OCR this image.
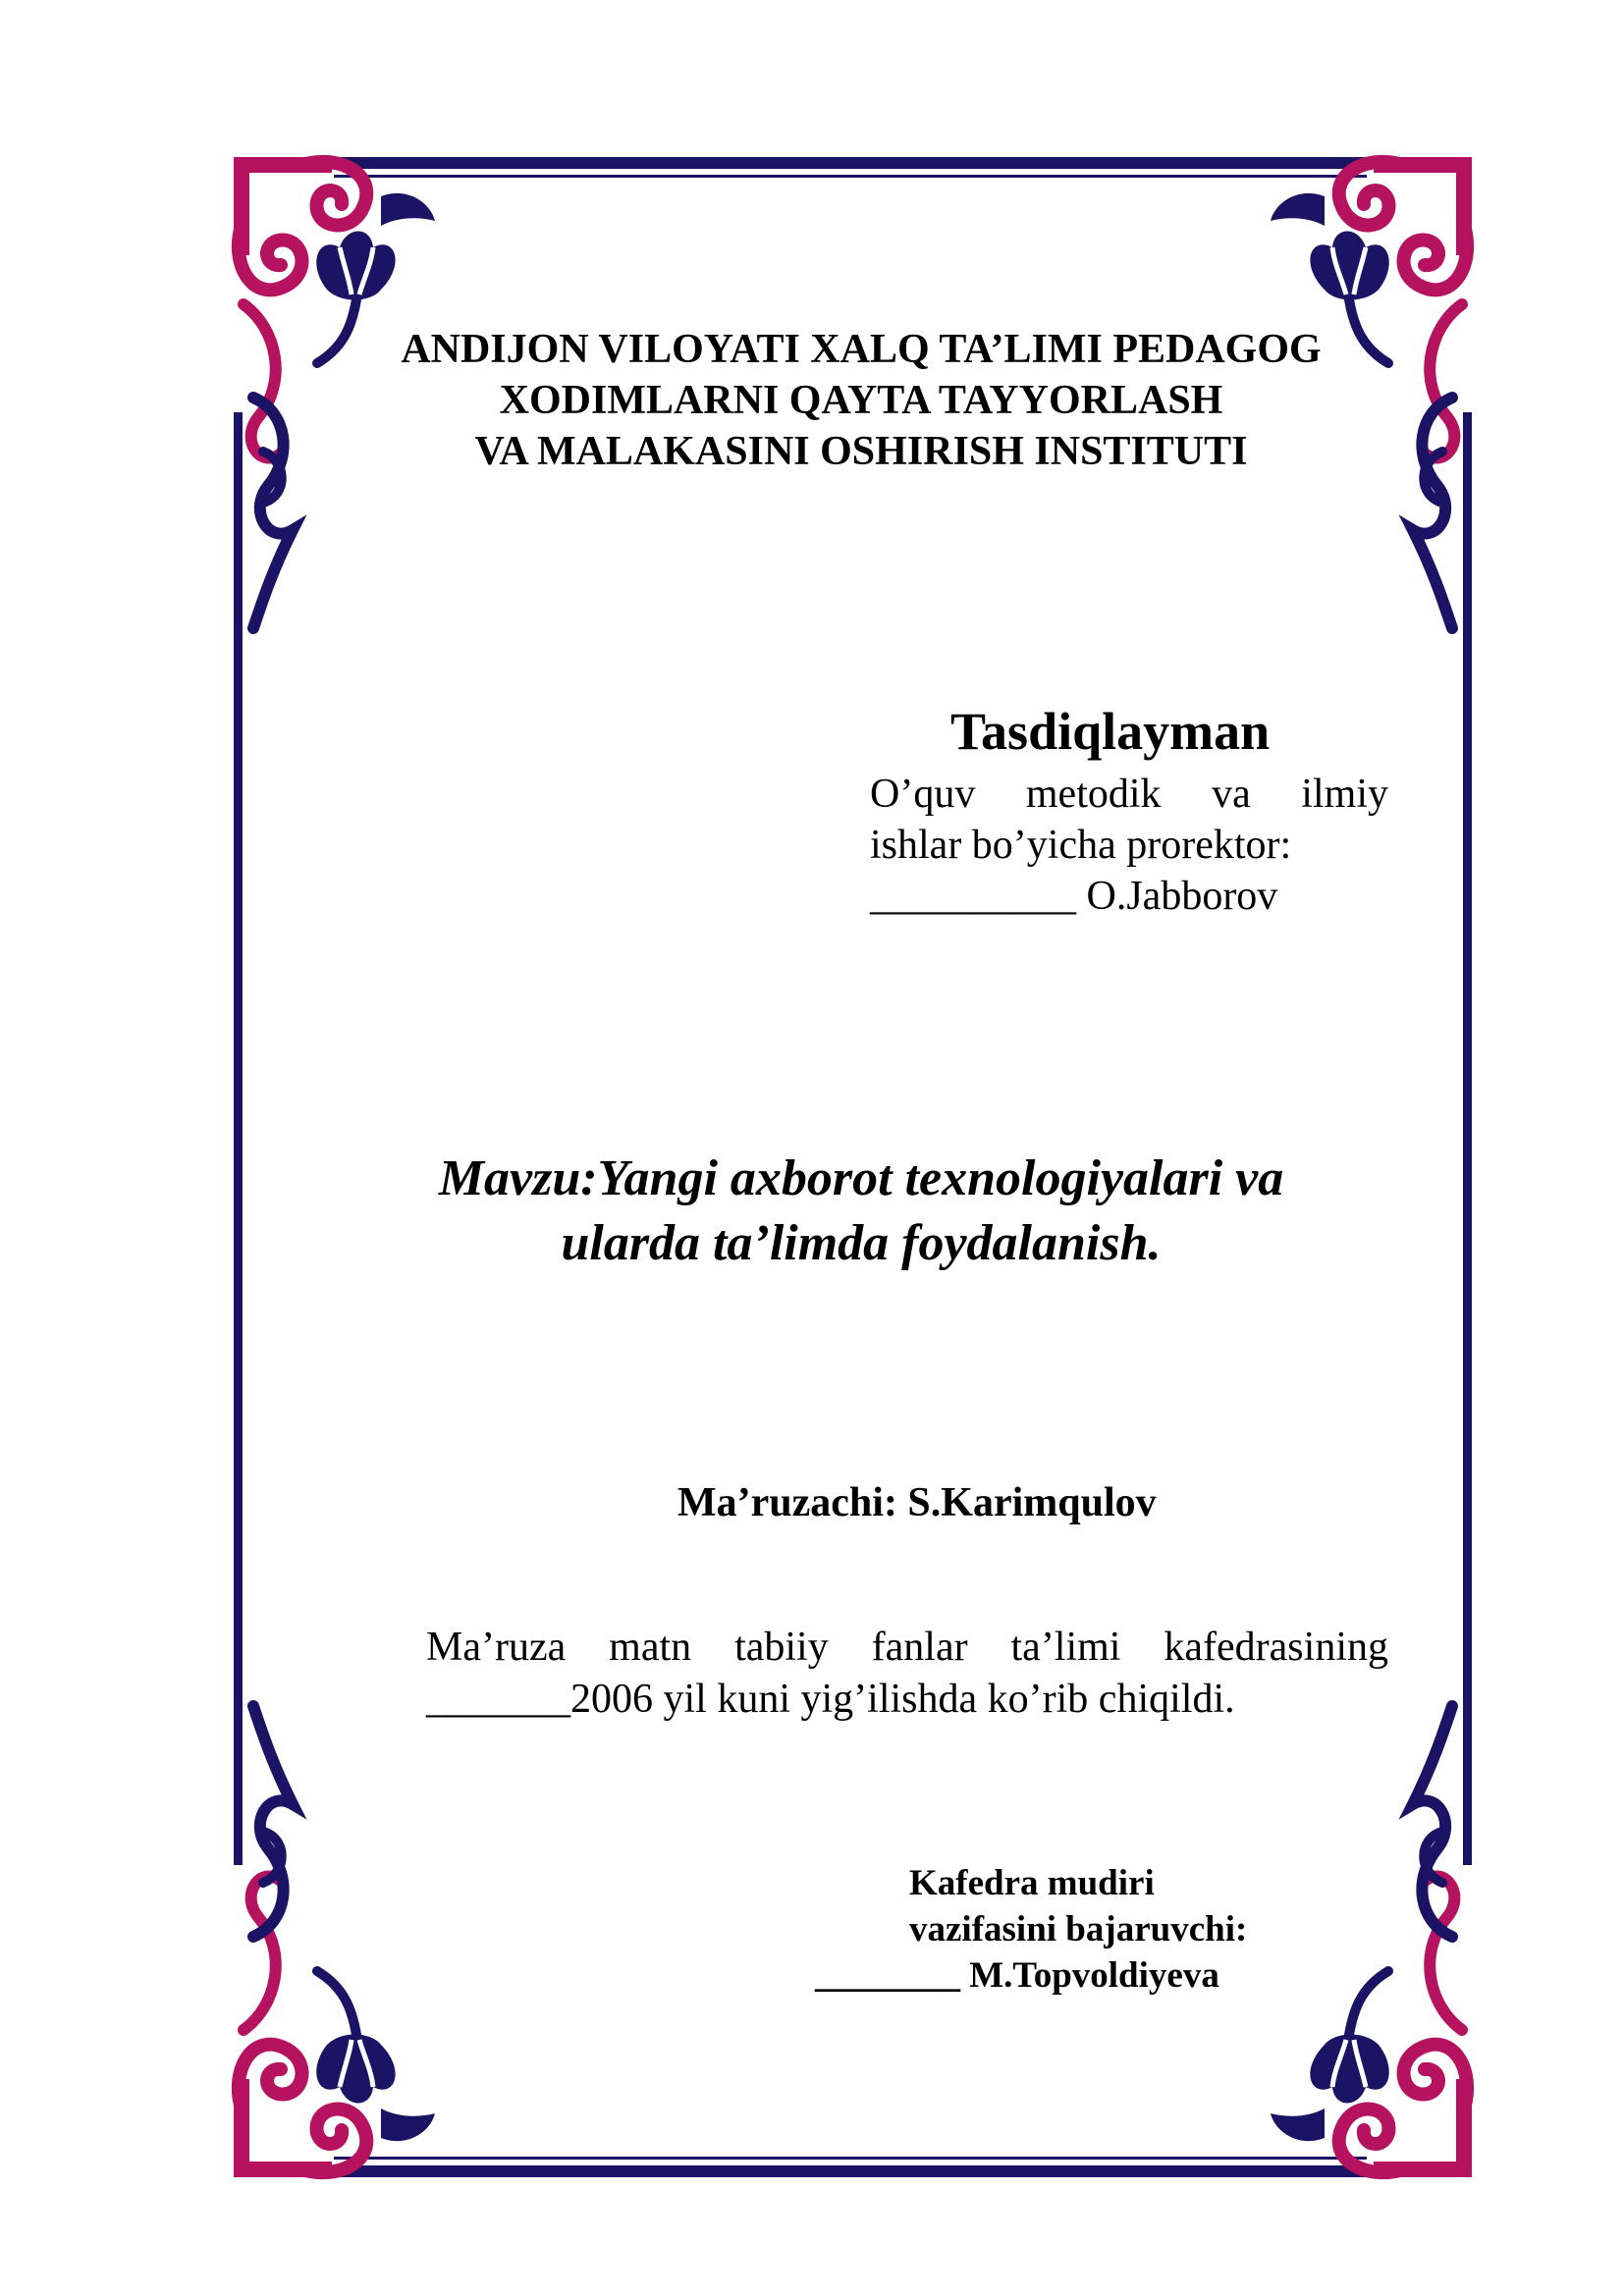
ANDIJON VILOYATI XALQ TA’LIMI PEDAGOG
XODIMLARNI QAYTA TAYYORLASH
VA MALAKASINI OSHIRISH INSTITUTI
Tasdiqlayman
O’quv metodik va ilmiy
ishlar bo’yicha prorektor:
__________ O.Jabborov
Mavzu:Yangi axborot texnologiyalari va
ularda ta’limda foydalanish.
Ma’ruzachi: S.Karimqulov
Ma’ruza matn tabiiy fanlar ta’limi kafedrasining
_______2006 yil kuni yig’ilishda ko’rib chiqildi.
Kafedra mudiri
vazifasini bajaruvchi:
________ M.Topvoldiyeva
